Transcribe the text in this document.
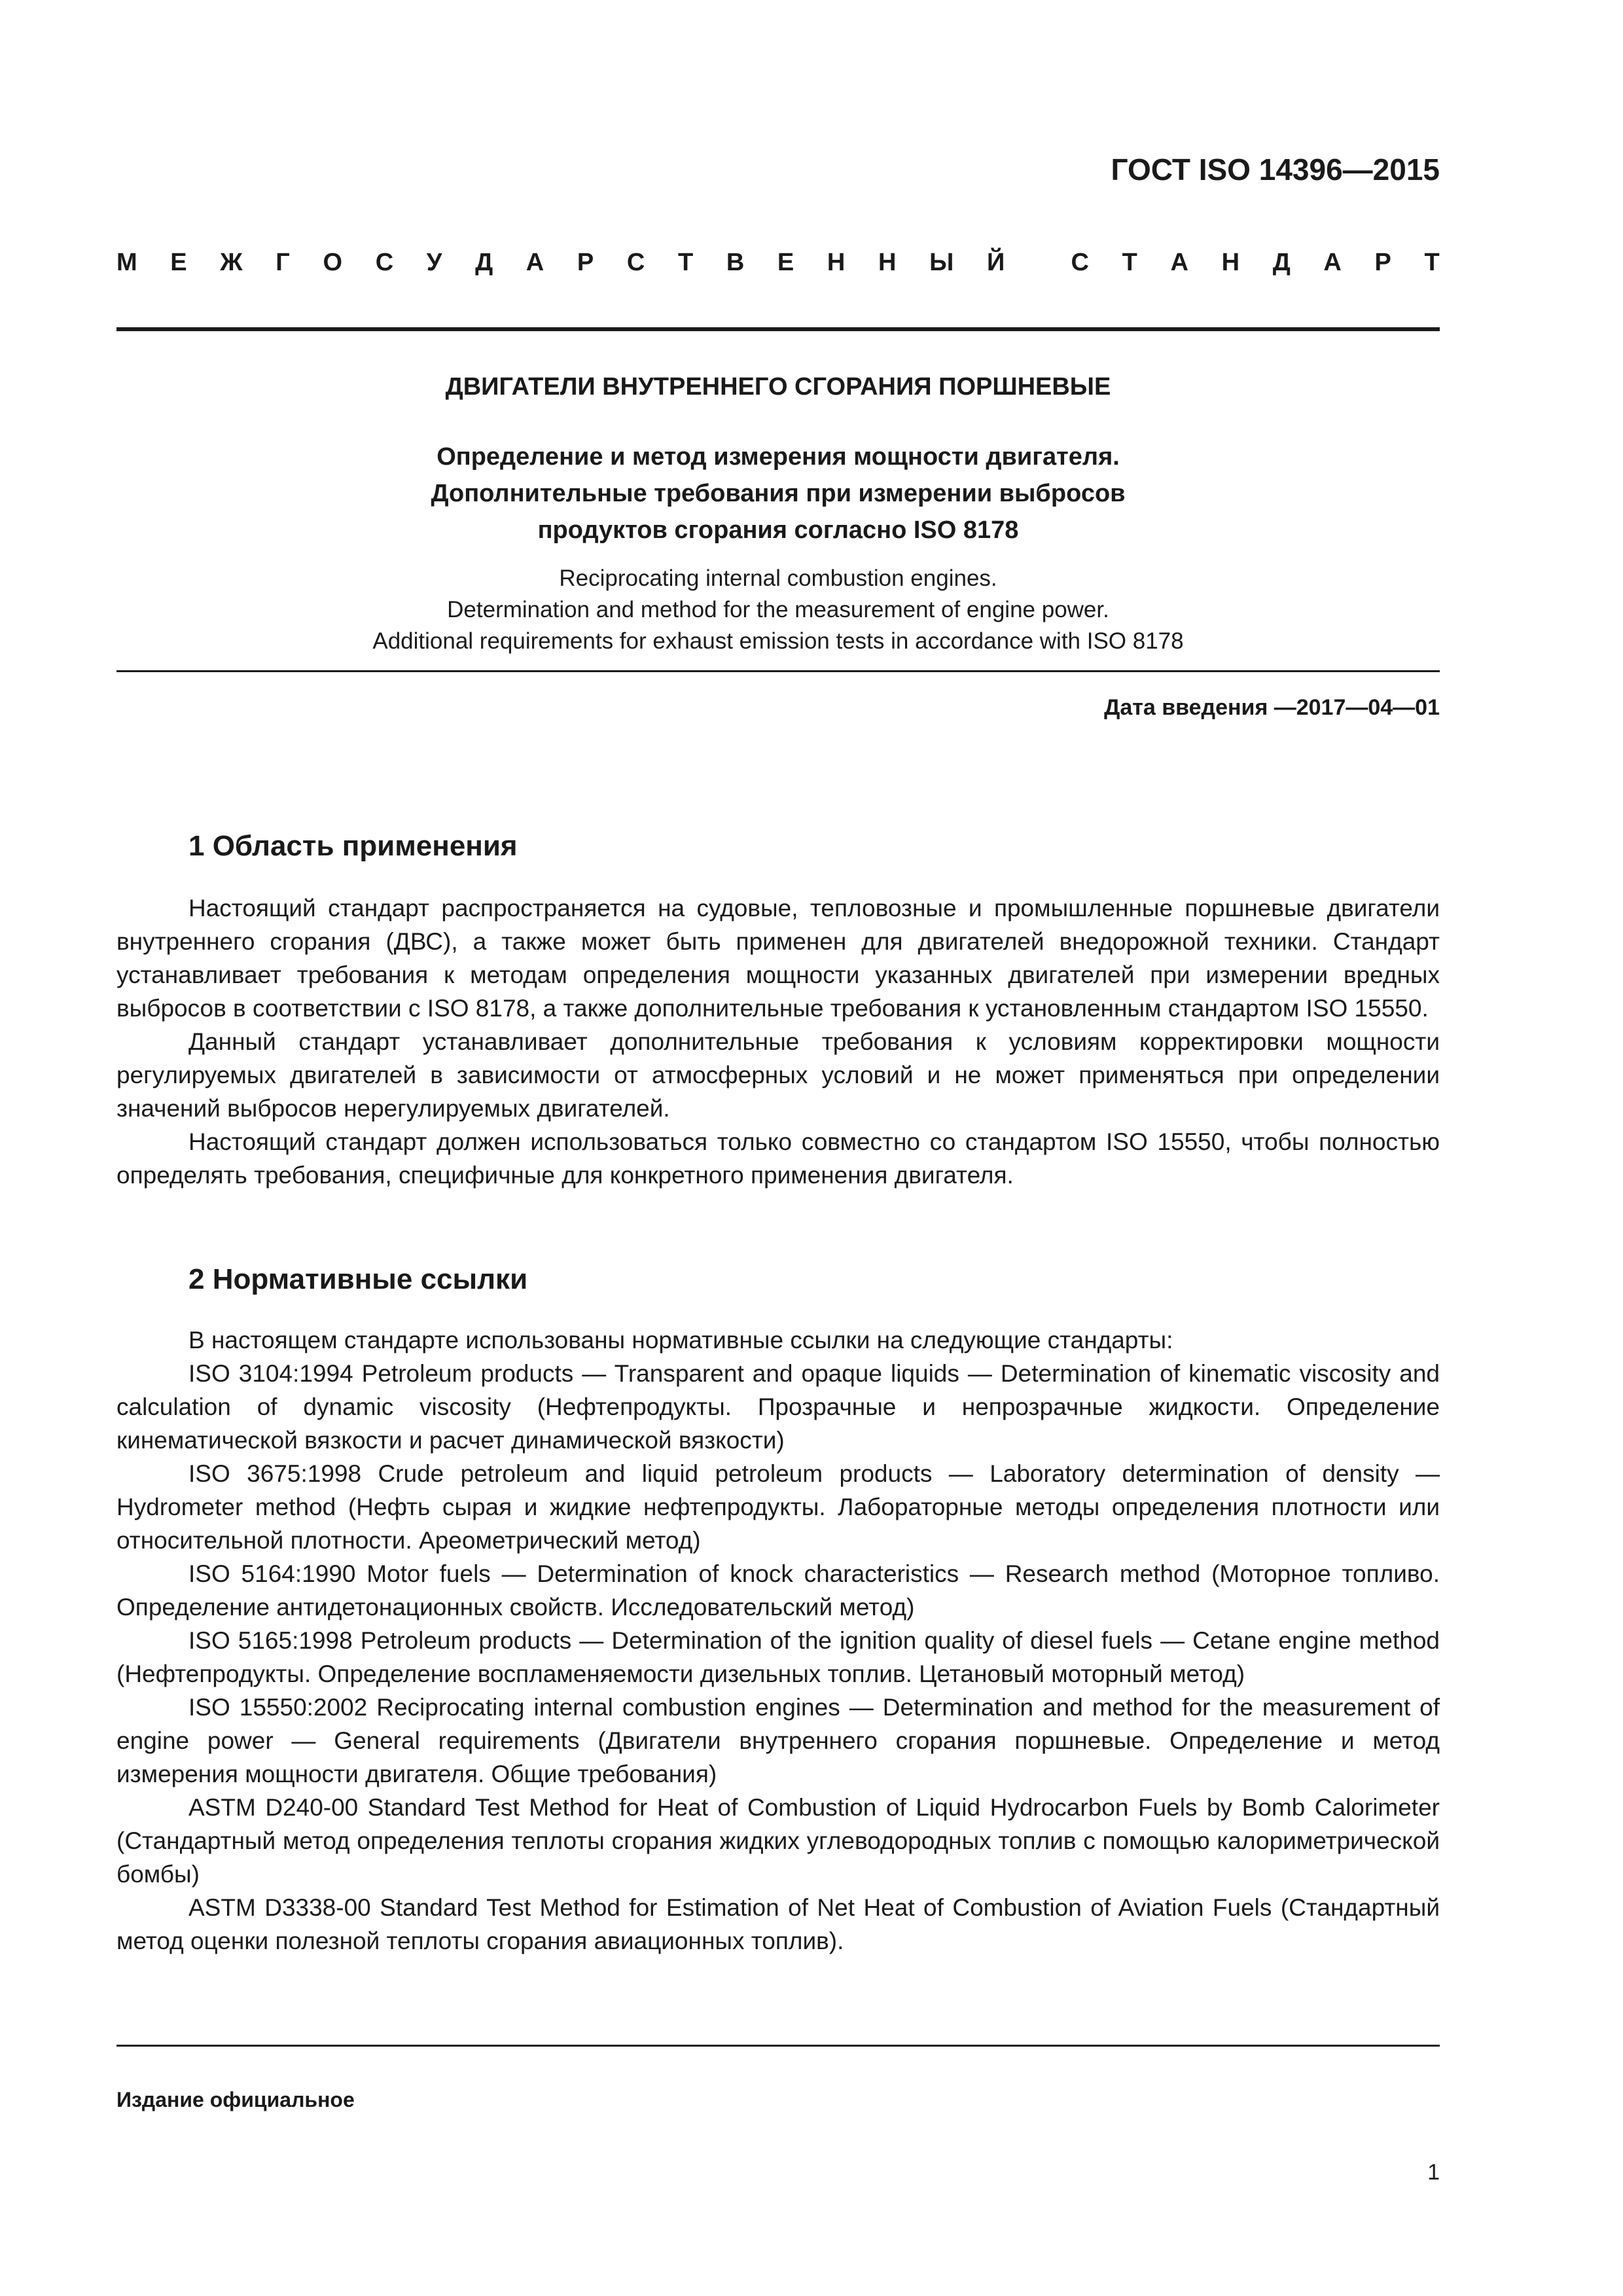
ГОСТ ISO 14396—2015
М Е Ж Г О С У Д А Р С Т В Е Н Н Ы Й	С Т А Н Д А Р Т
ДВИГАТЕЛИ ВНУТРЕННЕГО СГОРАНИЯ ПОРШНЕВЫЕ
Определение и метод измерения мощности двигателя.
Дополнительные требования при измерении выбросов
продуктов сгорания согласно ISO 8178
Reciprocating internal combustion engines.
Determination and method for the measurement of engine power.
Additional requirements for exhaust emission tests in accordance with ISO 8178
Дата введения —2017—04—01
1 Область применения

Настоящий стандарт распространяется на судовые, тепловозные и промышленные поршневые двигатели внутреннего сгорания (ДВС), а также может быть применен для двигателей внедорожной техники. Стандарт устанавливает требования к методам определения мощности указанных двигателей при измерении вредных выбросов в соответствии с ISO 8178, а также дополнительные требования к установленным стандартом ISO 15550.

Данный стандарт устанавливает дополнительные требования к условиям корректировки мощности регулируемых двигателей в зависимости от атмосферных условий и не может применяться при определении значений выбросов нерегулируемых двигателей.

Настоящий стандарт должен использоваться только совместно со стандартом ISO 15550, чтобы полностью определять требования, специфичные для конкретного применения двигателя.

2 Нормативные ссылки

В настоящем стандарте использованы нормативные ссылки на следующие стандарты:

ISO 3104:1994 Petroleum products — Transparent and opaque liquids — Determination of kinematic viscosity and calculation of dynamic viscosity (Нефтепродукты. Прозрачные и непрозрачные жидкости. Определение кинематической вязкости и расчет динамической вязкости)

ISO 3675:1998 Crude petroleum and liquid petroleum products — Laboratory determination of density — Hydrometer method (Нефть сырая и жидкие нефтепродукты. Лабораторные методы определения плотности или относительной плотности. Ареометрический метод)

ISO 5164:1990 Motor fuels — Determination of knock characteristics — Research method (Моторное топливо. Определение антидетонационных свойств. Исследовательский метод)

ISO 5165:1998 Petroleum products — Determination of the ignition quality of diesel fuels — Cetane engine method (Нефтепродукты. Определение воспламеняемости дизельных топлив. Цетановый моторный метод)

ISO 15550:2002 Reciprocating internal combustion engines — Determination and method for the measurement of engine power — General requirements (Двигатели внутреннего сгорания поршневые. Определение и метод измерения мощности двигателя. Общие требования)

ASTM D240-00 Standard Test Method for Heat of Combustion of Liquid Hydrocarbon Fuels by Bomb Calorimeter (Стандартный метод определения теплоты сгорания жидких углеводородных топлив с помощью калориметрической бомбы)

ASTM D3338-00 Standard Test Method for Estimation of Net Heat of Combustion of Aviation Fuels (Стандартный метод оценки полезной теплоты сгорания авиационных топлив).

Издание официальное
1
